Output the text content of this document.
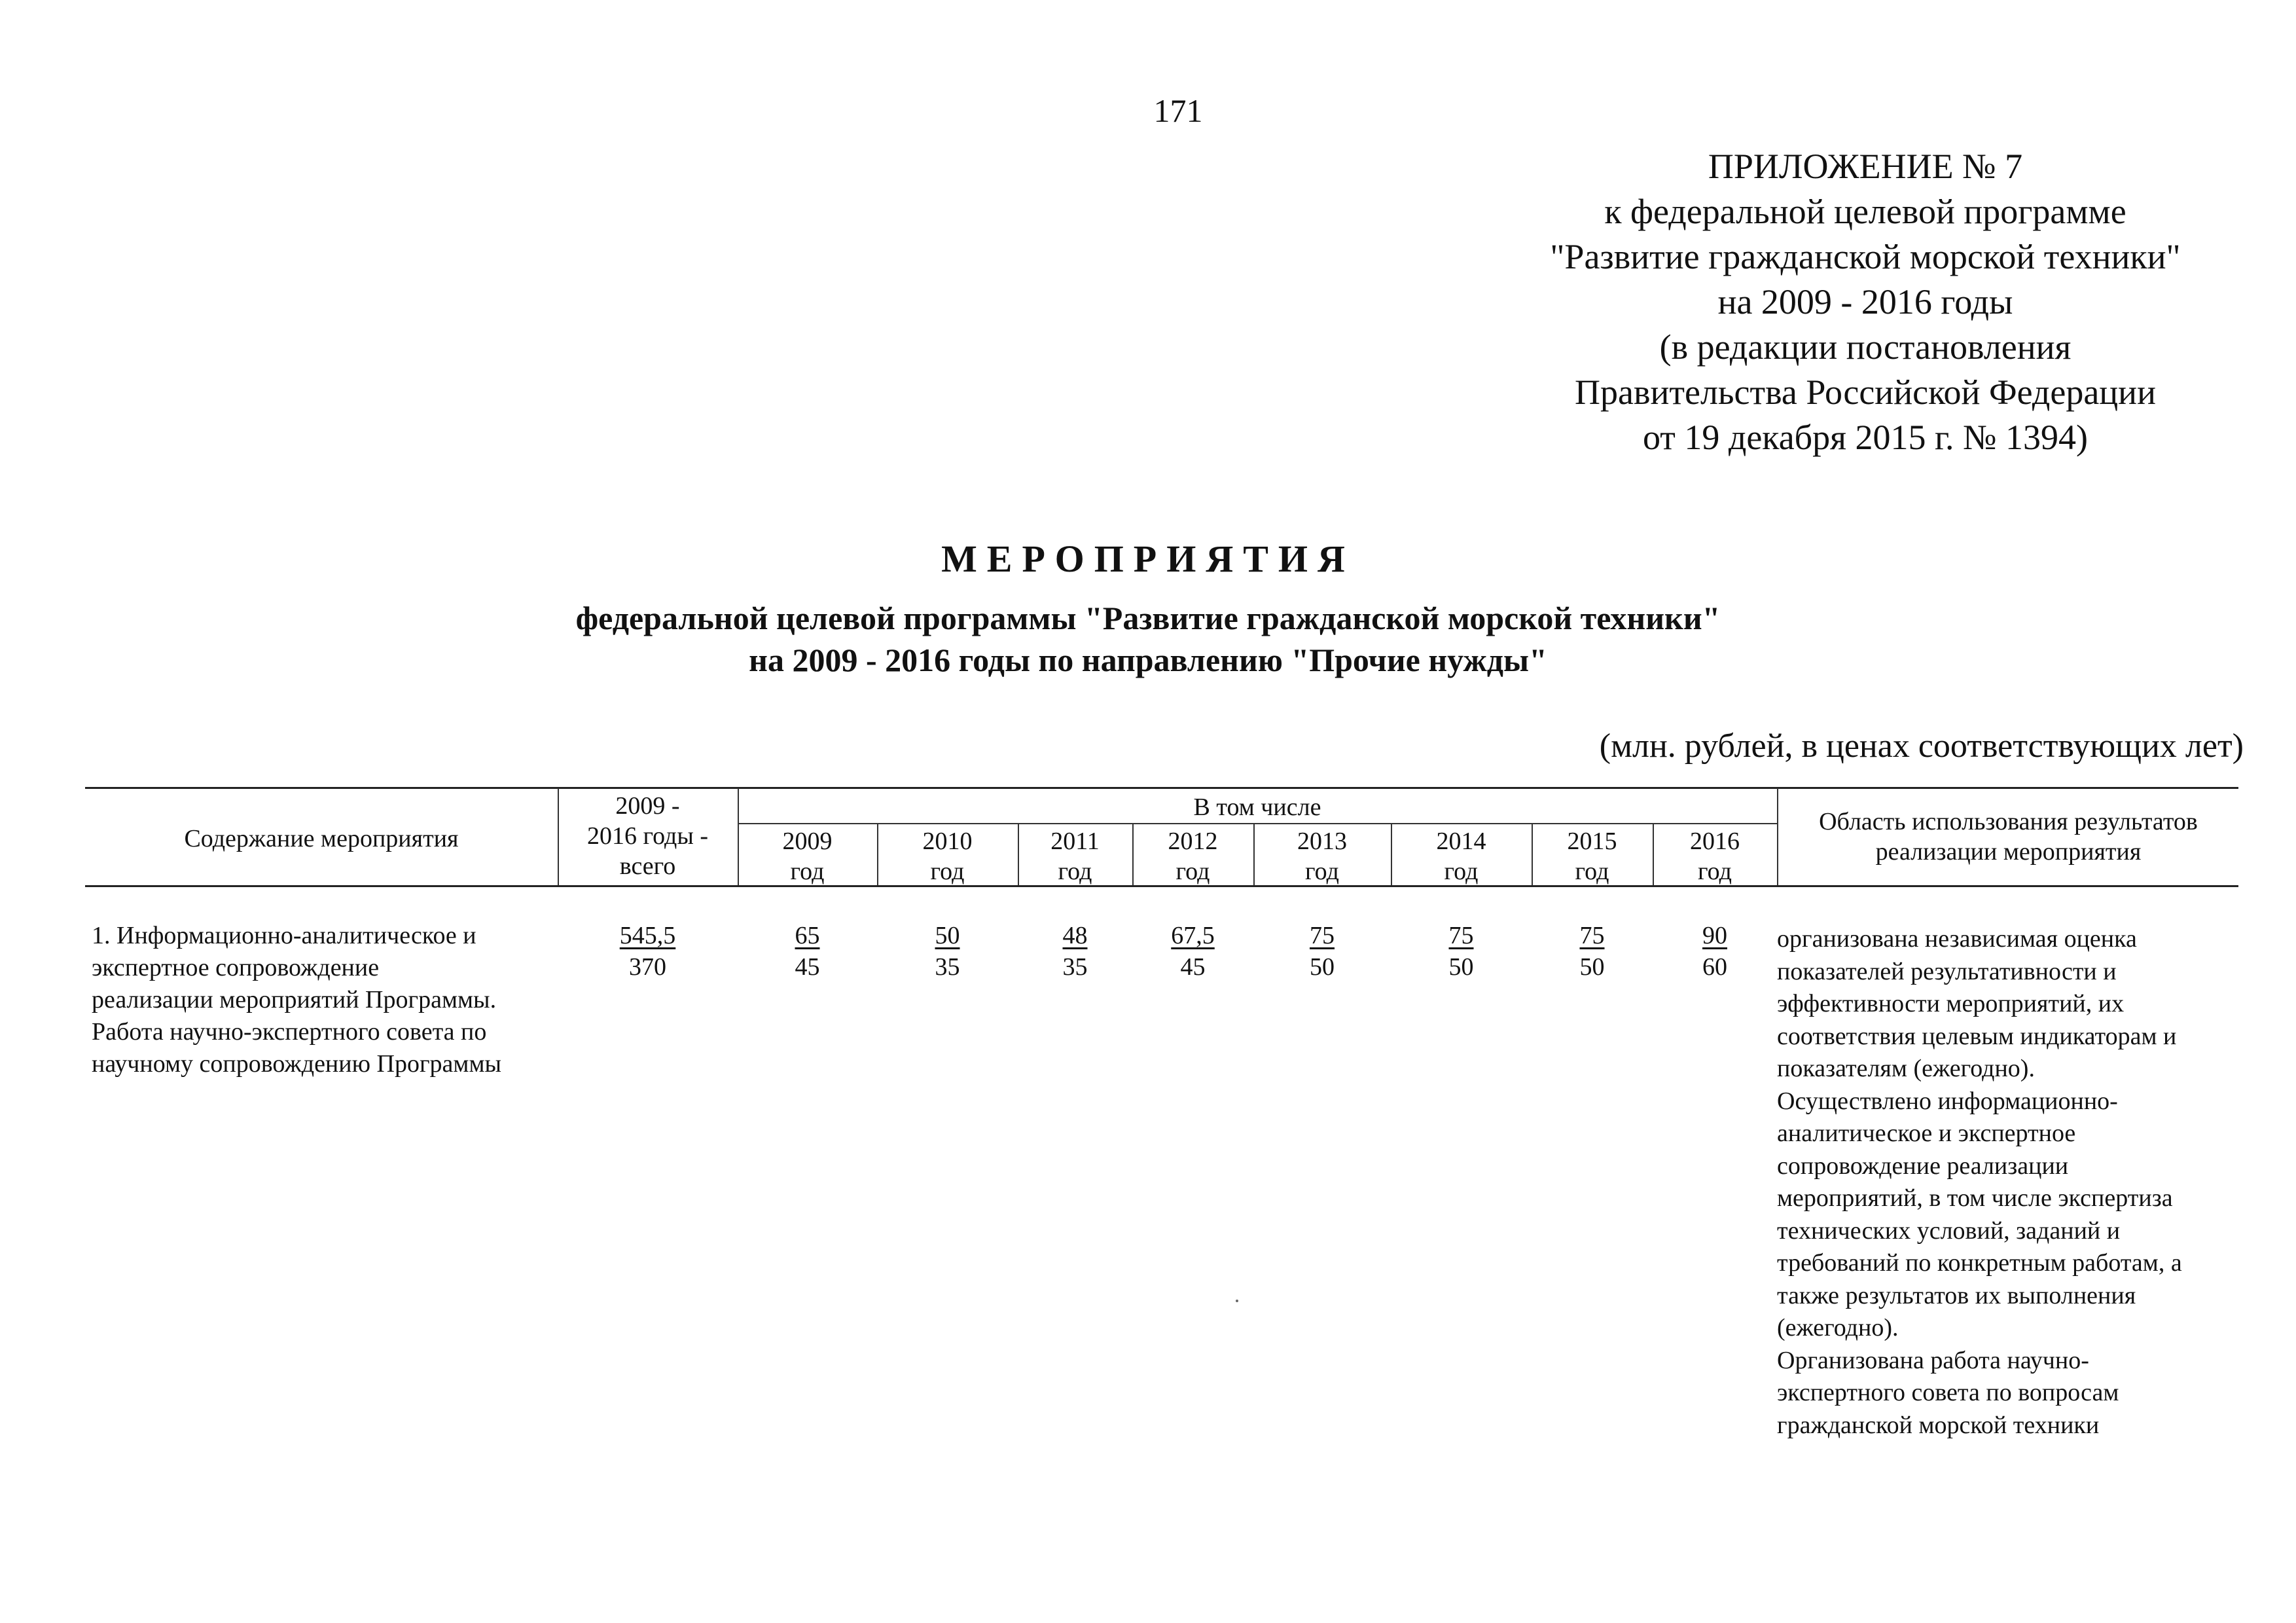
171
ПРИЛОЖЕНИЕ № 7
к федеральной целевой программе
"Развитие гражданской морской техники"
на 2009 - 2016 годы
(в редакции постановления
Правительства Российской Федерации
от 19 декабря 2015 г. № 1394)
МЕРОПРИЯТИЯ
федеральной целевой программы "Развитие гражданской морской техники"
на 2009 - 2016 годы по направлению "Прочие нужды"
(млн. рублей, в ценах соответствующих лет)
Содержание мероприятия
2009 -
2016 годы -
всего
В том числе
2009
год
2010
год
2011
год
2012
год
2013
год
2014
год
2015
год
2016
год
Область использования результатов
реализации мероприятия
1. Информационно-аналитическое и
экспертное сопровождение
реализации мероприятий Программы.
Работа научно-экспертного совета по
научному сопровождению Программы
545,5
370
65
45
50
35
48
35
67,5
45
75
50
75
50
75
50
90
60
организована независимая оценка
показателей результативности и
эффективности мероприятий, их
соответствия целевым индикаторам и
показателям (ежегодно).
Осуществлено информационно-
аналитическое и экспертное
сопровождение реализации
мероприятий, в том числе экспертиза
технических условий, заданий и
требований по конкретным работам, а
также результатов их выполнения
(ежегодно).
Организована работа научно-
экспертного совета по вопросам
гражданской морской техники
